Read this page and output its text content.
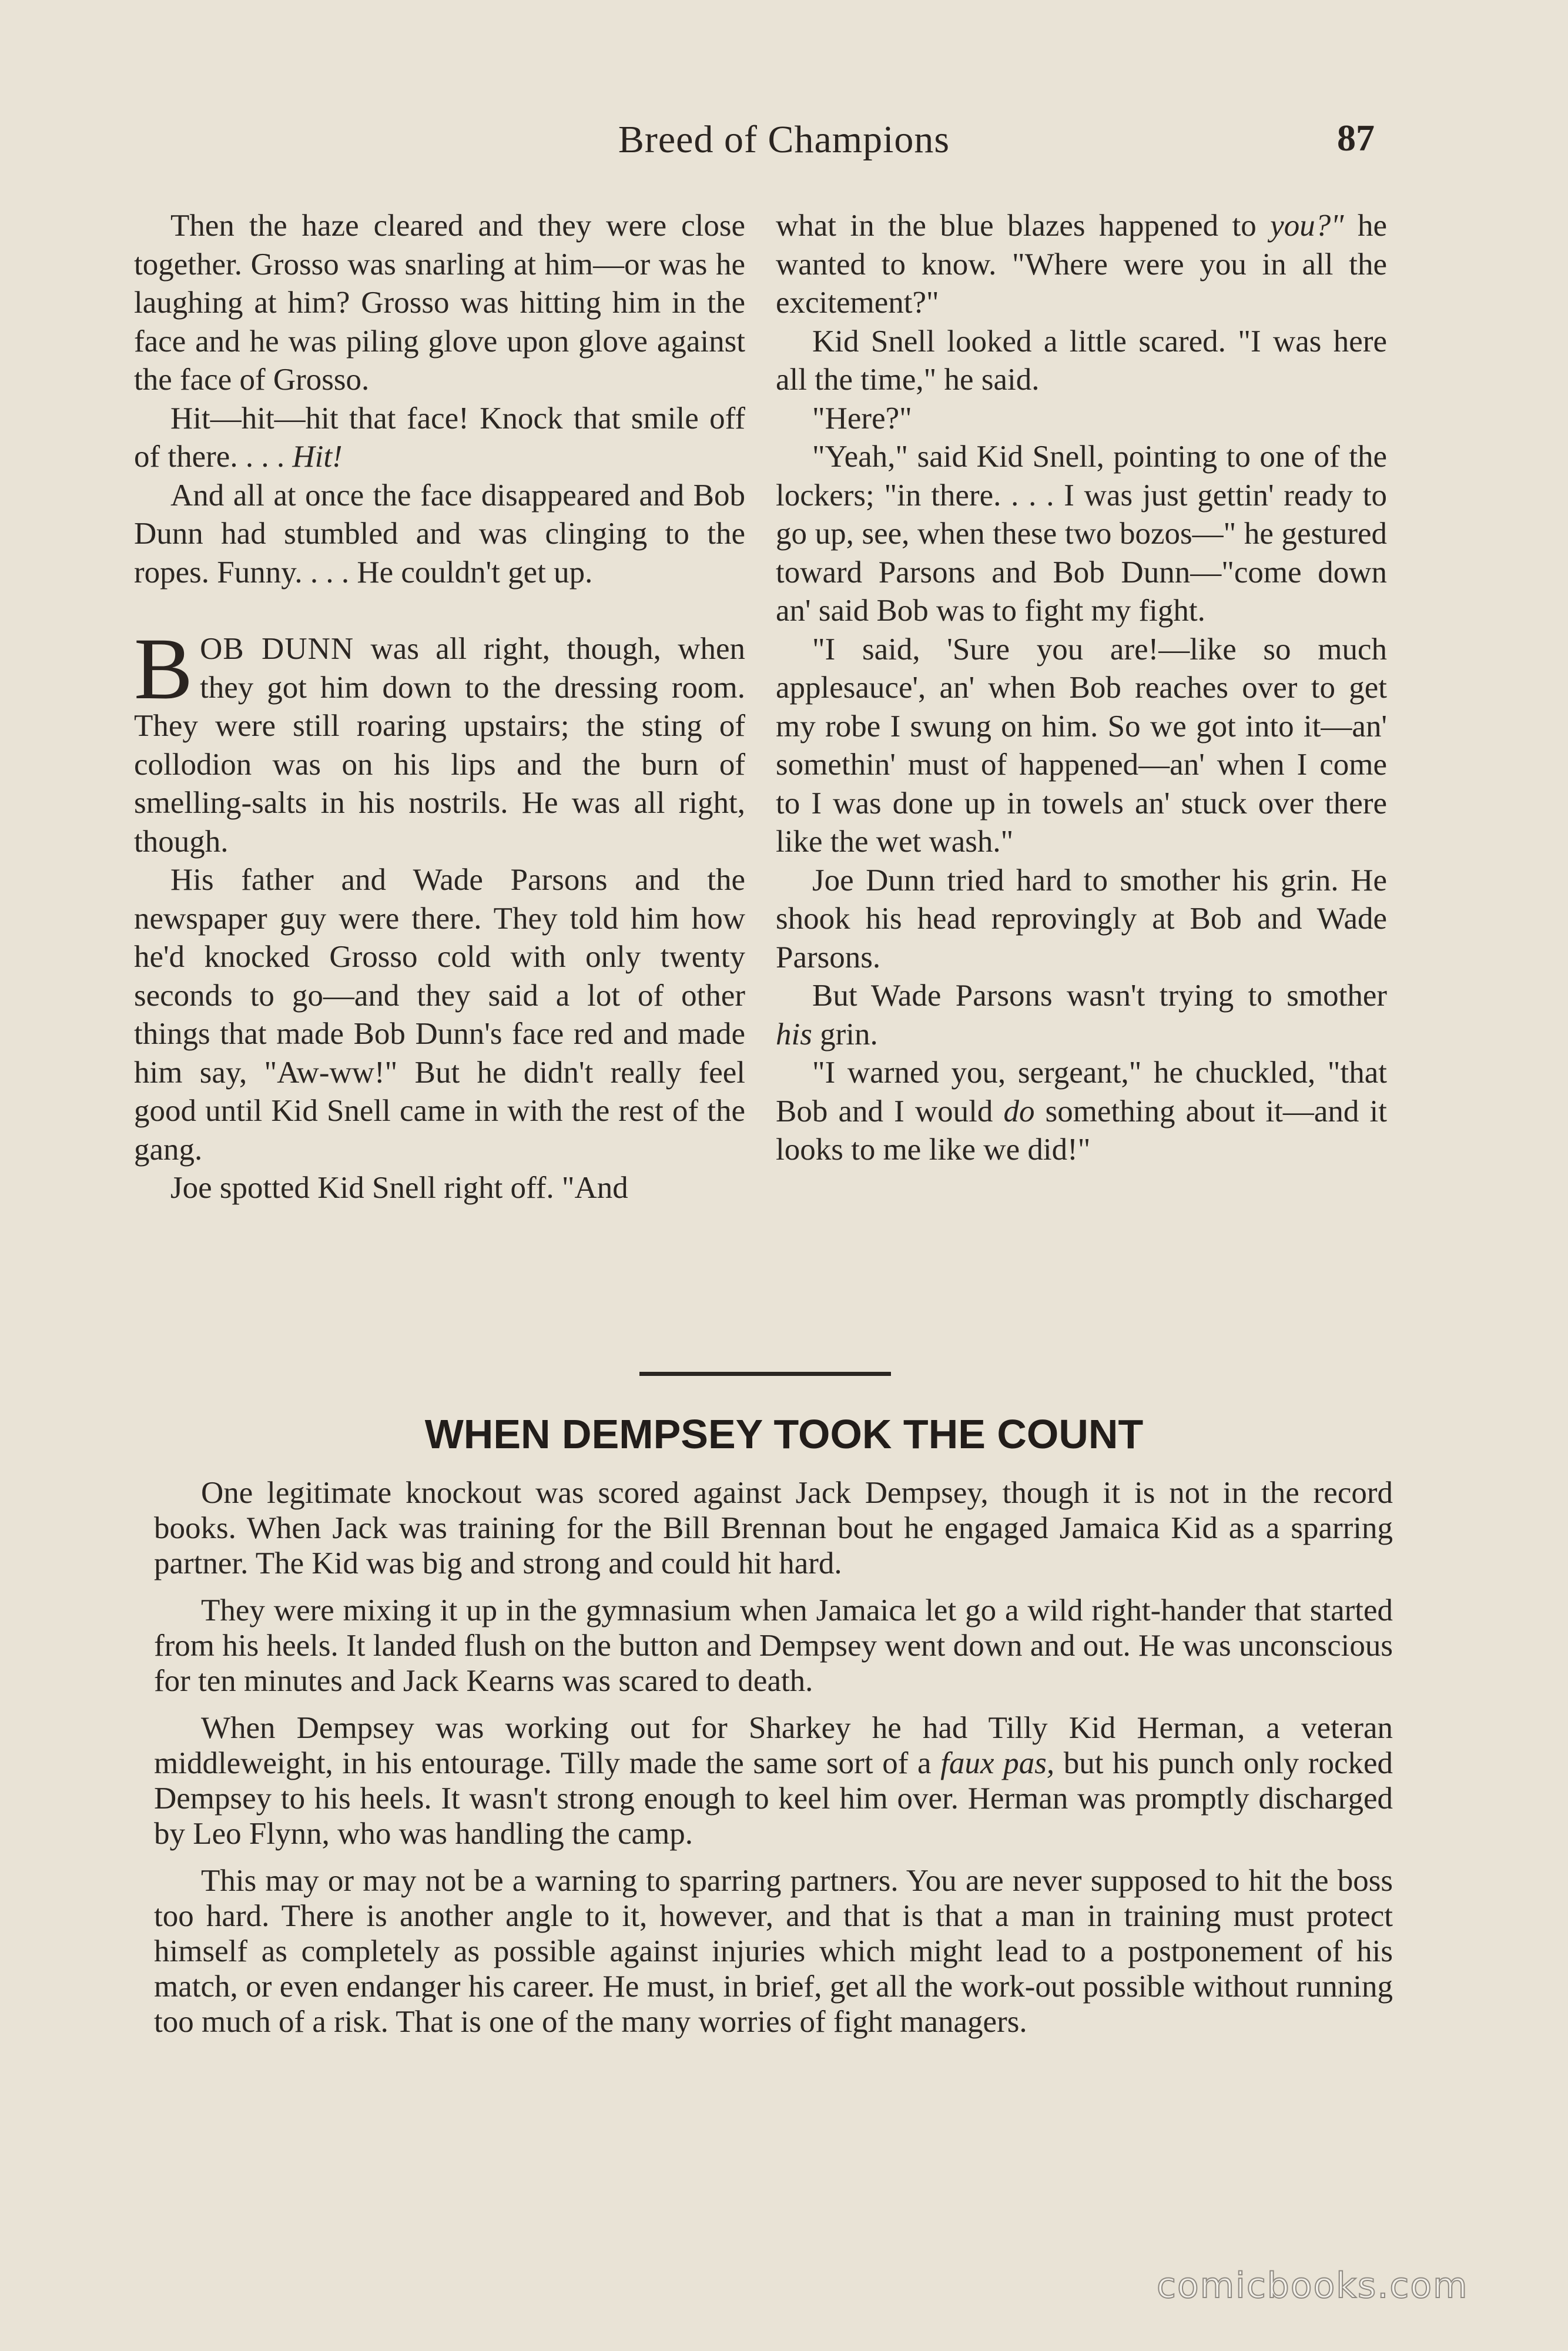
Breed of Champions	87

Then the haze cleared and they were close together. Grosso was snarling at him—or was he laughing at him? Grosso was hitting him in the face and he was piling glove upon glove against the face of Grosso.

Hit—hit—hit that face! Knock that smile off of there. . . . Hit!

And all at once the face disappeared and Bob Dunn had stumbled and was clinging to the ropes. Funny. . . . He couldn't get up.

BOB DUNN was all right, though, when they got him down to the dressing room. They were still roaring upstairs; the sting of collodion was on his lips and the burn of smelling-salts in his nostrils. He was all right, though.

His father and Wade Parsons and the newspaper guy were there. They told him how he'd knocked Grosso cold with only twenty seconds to go—and they said a lot of other things that made Bob Dunn's face red and made him say, "Aw-ww!" But he didn't really feel good until Kid Snell came in with the rest of the gang.

Joe spotted Kid Snell right off. "And

what in the blue blazes happened to you?" he wanted to know. "Where were you in all the excitement?"

Kid Snell looked a little scared. "I was here all the time," he said.

"Here?"

"Yeah," said Kid Snell, pointing to one of the lockers; "in there. . . . I was just gettin' ready to go up, see, when these two bozos—" he gestured toward Parsons and Bob Dunn—"come down an' said Bob was to fight my fight.

"I said, 'Sure you are!—like so much applesauce', an' when Bob reaches over to get my robe I swung on him. So we got into it—an' somethin' must of happened—an' when I come to I was done up in towels an' stuck over there like the wet wash."

Joe Dunn tried hard to smother his grin. He shook his head reprovingly at Bob and Wade Parsons.

But Wade Parsons wasn't trying to smother his grin.

"I warned you, sergeant," he chuckled, "that Bob and I would do something about it—and it looks to me like we did!"

WHEN DEMPSEY TOOK THE COUNT

One legitimate knockout was scored against Jack Dempsey, though it is not in the record books. When Jack was training for the Bill Brennan bout he engaged Jamaica Kid as a sparring partner. The Kid was big and strong and could hit hard.

They were mixing it up in the gymnasium when Jamaica let go a wild right-hander that started from his heels. It landed flush on the button and Dempsey went down and out. He was unconscious for ten minutes and Jack Kearns was scared to death.

When Dempsey was working out for Sharkey he had Tilly Kid Herman, a veteran middleweight, in his entourage. Tilly made the same sort of a faux pas, but his punch only rocked Dempsey to his heels. It wasn't strong enough to keel him over. Herman was promptly discharged by Leo Flynn, who was handling the camp.

This may or may not be a warning to sparring partners. You are never supposed to hit the boss too hard. There is another angle to it, however, and that is that a man in training must protect himself as completely as possible against injuries which might lead to a postponement of his match, or even endanger his career. He must, in brief, get all the work-out possible without running too much of a risk. That is one of the many worries of fight managers.

comicbooks.com
